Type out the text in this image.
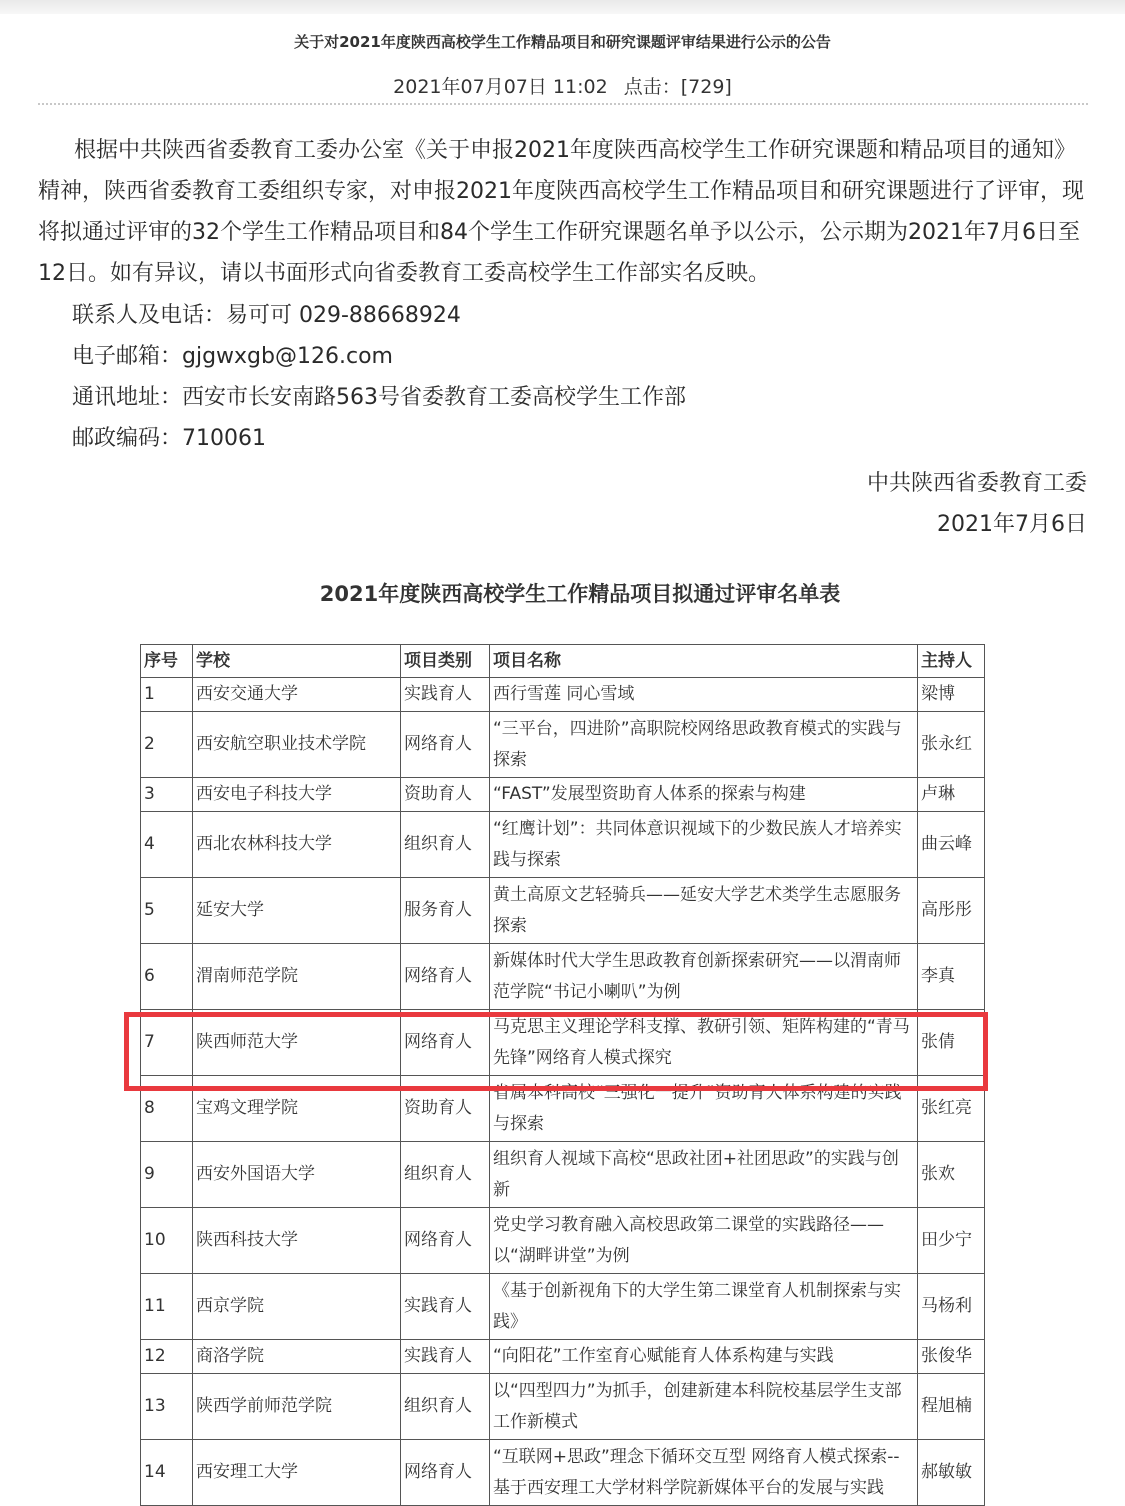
关于对2021年度陕西高校学生工作精品项目和研究课题评审结果进行公示的公告
2021年07月07日 11:02 点击：[729]
根据中共陕西省委教育工委办公室《关于申报2021年度陕西高校学生工作研究课题和精品项目的通知》精神，陕西省委教育工委组织专家，对申报2021年度陕西高校学生工作精品项目和研究课题进行了评审，现将拟通过评审的32个学生工作精品项目和84个学生工作研究课题名单予以公示，公示期为2021年7月6日至12日。如有异议，请以书面形式向省委教育工委高校学生工作部实名反映。
联系人及电话：易可可 029-88668924
电子邮箱：gjgwxgb@126.com
通讯地址：西安市长安南路563号省委教育工委高校学生工作部
邮政编码：710061
中共陕西省委教育工委
2021年7月6日
2021年度陕西高校学生工作精品项目拟通过评审名单表
序号	学校	项目类别	项目名称	主持人
1	西安交通大学	实践育人	西行雪莲 同心雪域	梁博
2	西安航空职业技术学院	网络育人	“三平台，四进阶”高职院校网络思政教育模式的实践与探索	张永红
3	西安电子科技大学	资助育人	“FAST”发展型资助育人体系的探索与构建	卢琳
4	西北农林科技大学	组织育人	“红鹰计划”：共同体意识视域下的少数民族人才培养实践与探索	曲云峰
5	延安大学	服务育人	黄土高原文艺轻骑兵——延安大学艺术类学生志愿服务探索	高彤彤
6	渭南师范学院	网络育人	新媒体时代大学生思政教育创新探索研究——以渭南师范学院“书记小喇叭”为例	李真
7	陕西师范大学	网络育人	马克思主义理论学科支撑、教研引领、矩阵构建的“青马先锋”网络育人模式探究	张倩
8	宝鸡文理学院	资助育人	省属本科高校“三强化一提升”资助育人体系构建的实践与探索	张红亮
9	西安外国语大学	组织育人	组织育人视域下高校“思政社团+社团思政”的实践与创新	张欢
10	陕西科技大学	网络育人	党史学习教育融入高校思政第二课堂的实践路径——以“湖畔讲堂”为例	田少宁
11	西京学院	实践育人	《基于创新视角下的大学生第二课堂育人机制探索与实践》	马杨利
12	商洛学院	实践育人	“向阳花”工作室育心赋能育人体系构建与实践	张俊华
13	陕西学前师范学院	组织育人	以“四型四力”为抓手，创建新建本科院校基层学生支部工作新模式	程旭楠
14	西安理工大学	网络育人	“互联网+思政”理念下循环交互型 网络育人模式探索--基于西安理工大学材料学院新媒体平台的发展与实践	郝敏敏
